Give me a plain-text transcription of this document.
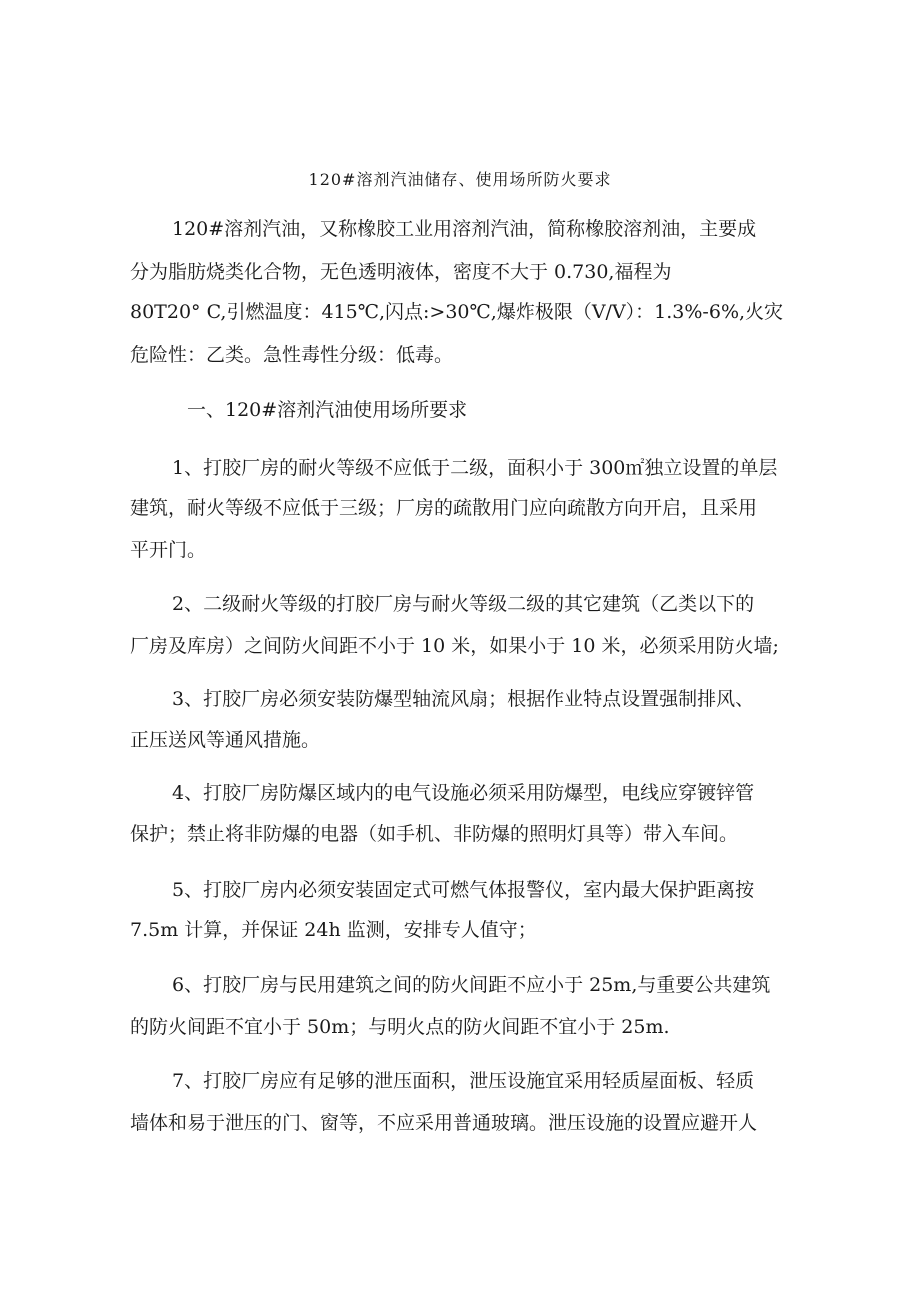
120#溶剂汽油储存、使用场所防火要求

120#溶剂汽油，又称橡胶工业用溶剂汽油，简称橡胶溶剂油，主要成

分为脂肪烧类化合物，无色透明液体，密度不大于 0.730,福程为

80T20° C,引燃温度：415℃,闪点:>30℃,爆炸极限（V/V）：1.3%-6%,火灾

危险性：乙类。急性毒性分级：低毒。

一、120#溶剂汽油使用场所要求

1、打胶厂房的耐火等级不应低于二级，面积小于 300㎡独立设置的单层

建筑，耐火等级不应低于三级；厂房的疏散用门应向疏散方向开启，且采用

平开门。

2、二级耐火等级的打胶厂房与耐火等级二级的其它建筑（乙类以下的

厂房及库房）之间防火间距不小于 10 米，如果小于 10 米，必须采用防火墙;

3、打胶厂房必须安装防爆型轴流风扇；根据作业特点设置强制排风、

正压送风等通风措施。

4、打胶厂房防爆区域内的电气设施必须采用防爆型，电线应穿镀锌管

保护；禁止将非防爆的电器（如手机、非防爆的照明灯具等）带入车间。

5、打胶厂房内必须安装固定式可燃气体报警仪，室内最大保护距离按

7.5m 计算，并保证 24h 监测，安排专人值守；

6、打胶厂房与民用建筑之间的防火间距不应小于 25m,与重要公共建筑

的防火间距不宜小于 50m；与明火点的防火间距不宜小于 25m.

7、打胶厂房应有足够的泄压面积，泄压设施宜采用轻质屋面板、轻质

墙体和易于泄压的门、窗等，不应采用普通玻璃。泄压设施的设置应避开人
